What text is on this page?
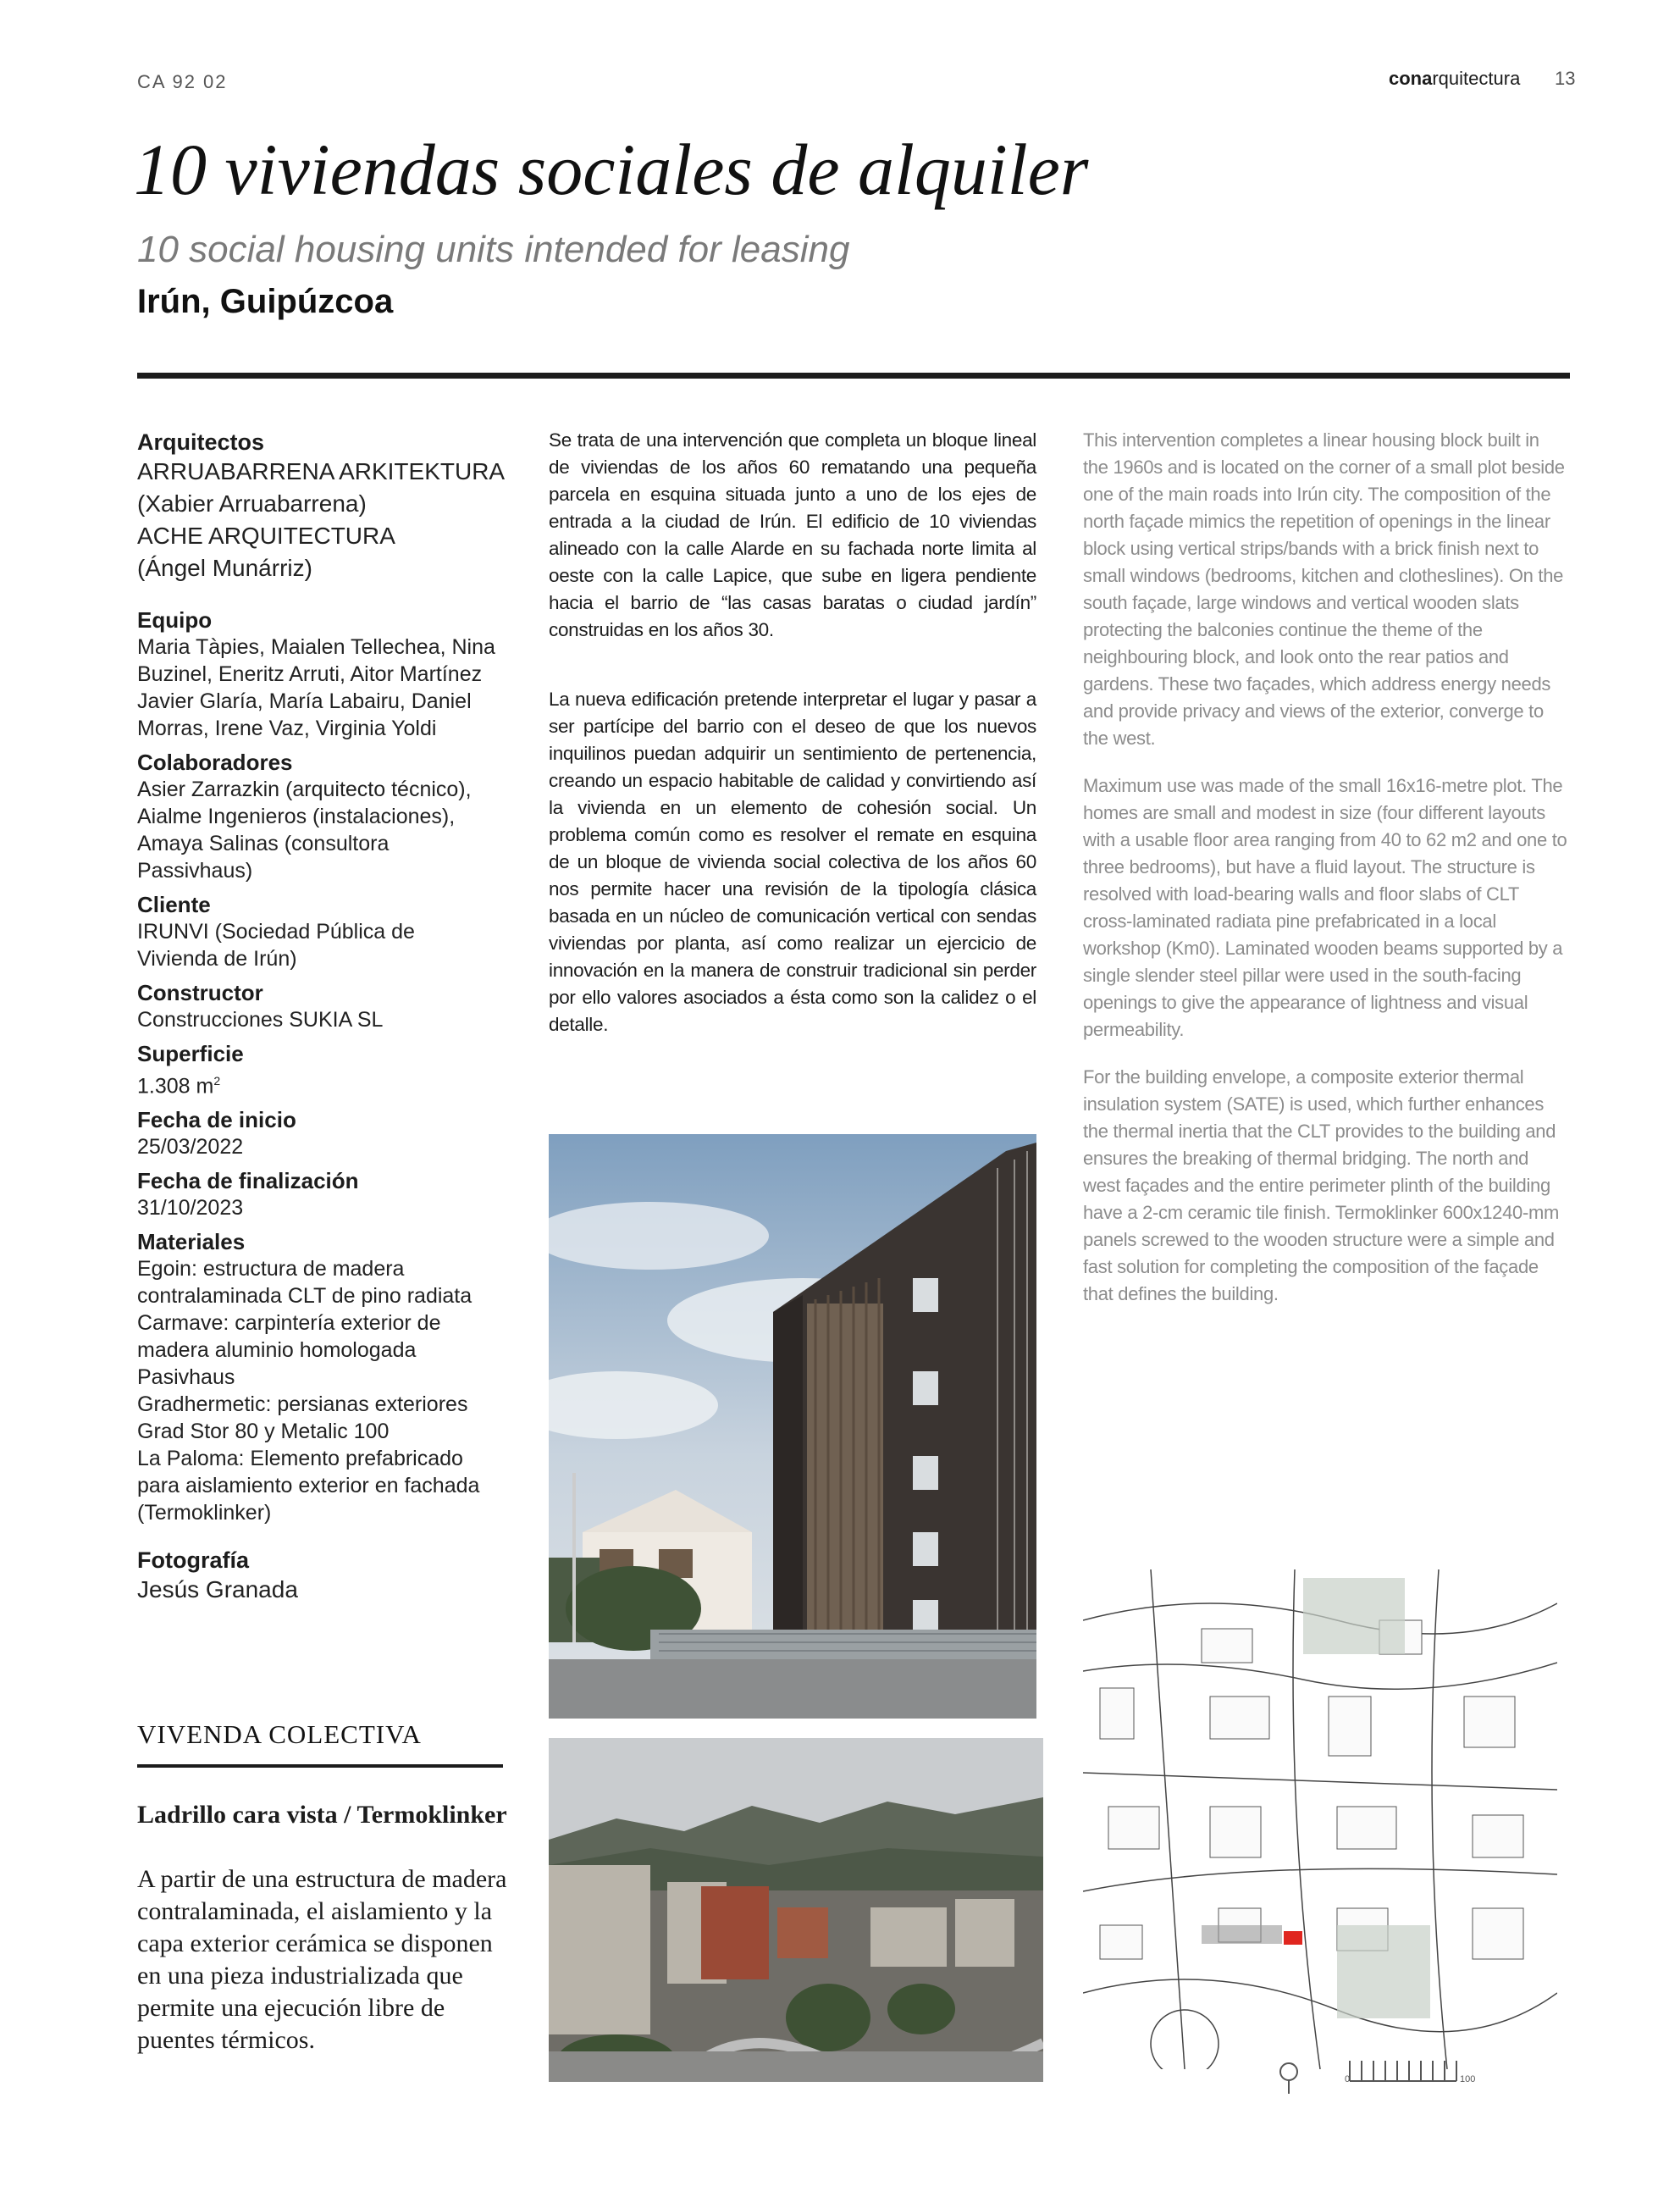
CA 92 02	conarquitectura 13
10 viviendas sociales de alquiler
10 social housing units intended for leasing
Irún, Guipúzcoa
Arquitectos
ARRUABARRENA ARKITEKTURA
(Xabier Arruabarrena)
ACHE ARQUITECTURA
(Ángel Munárriz)
Equipo
Maria Tàpies, Maialen Tellechea, Nina
Buzinel, Eneritz Arruti, Aitor Martínez
Javier Glaría, María Labairu, Daniel
Morras, Irene Vaz, Virginia Yoldi
Colaboradores
Asier Zarrazkin (arquitecto técnico),
Aialme Ingenieros (instalaciones),
Amaya Salinas (consultora
Passivhaus)
Cliente
IRUNVI (Sociedad Pública de
Vivienda de Irún)
Constructor
Construcciones SUKIA SL
Superficie
1.308 $m^2$
Fecha de inicio
25/03/2022
Fecha de finalización
31/10/2023
Materiales
Egoin: estructura de madera
contralaminada CLT de pino radiata
Carmave: carpintería exterior de
madera aluminio homologada
Pasivhaus
Gradhermetic: persianas exteriores
Grad Stor 80 y Metalic 100
La Paloma: Elemento prefabricado
para aislamiento exterior en fachada
(Termoklinker)
Fotografía
Jesús Granada
VIVENDA COLECTIVA
Ladrillo cara vista / Termoklinker
A partir de una estructura de madera contralaminada, el aislamiento y la capa exterior cerámica se disponen en una pieza industrializada que permite una ejecución libre de puentes térmicos.
Se trata de una intervención que completa un bloque lineal de viviendas de los años 60 rematando una pequeña parcela en esquina situada junto a uno de los ejes de entrada a la ciudad de Irún. El edificio de 10 viviendas alineado con la calle Alarde en su fachada norte limita al oeste con la calle Lapice, que sube en ligera pendiente hacia el barrio de “las casas baratas o ciudad jardín” construidas en los años 30.
La nueva edificación pretende interpretar el lugar y pasar a ser partícipe del barrio con el deseo de que los nuevos inquilinos puedan adquirir un sentimiento de pertenencia, creando un espacio habitable de calidad y convirtiendo así la vivienda en un elemento de cohesión social. Un problema común como es resolver el remate en esquina de un bloque de vivienda social colectiva de los años 60 nos permite hacer una revisión de la tipología clásica basada en un núcleo de comunicación vertical con sendas viviendas por planta, así como realizar un ejercicio de innovación en la manera de construir tradicional sin perder por ello valores asociados a ésta como son la calidez o el detalle.
This intervention completes a linear housing block built in the 1960s and is located on the corner of a small plot beside one of the main roads into Irún city. The composition of the north façade mimics the repetition of openings in the linear block using vertical strips/bands with a brick finish next to small windows (bedrooms, kitchen and clotheslines). On the south façade, large windows and vertical wooden slats protecting the balconies continue the theme of the neighbouring block, and look onto the rear patios and gardens. These two façades, which address energy needs and provide privacy and views of the exterior, converge to the west.
Maximum use was made of the small 16x16-metre plot. The homes are small and modest in size (four different layouts with a usable floor area ranging from 40 to 62 m2 and one to three bedrooms), but have a fluid layout. The structure is resolved with load-bearing walls and floor slabs of CLT cross-laminated radiata pine prefabricated in a local workshop (Km0). Laminated wooden beams supported by a single slender steel pillar were used in the south-facing openings to give the appearance of lightness and visual permeability.
For the building envelope, a composite exterior thermal insulation system (SATE) is used, which further enhances the thermal inertia that the CLT provides to the building and ensures the breaking of thermal bridging. The north and west façades and the entire perimeter plinth of the building have a 2-cm ceramic tile finish. Termoklinker 600x1240-mm panels screwed to the wooden structure were a simple and fast solution for completing the composition of the façade that defines the building.
0	100
